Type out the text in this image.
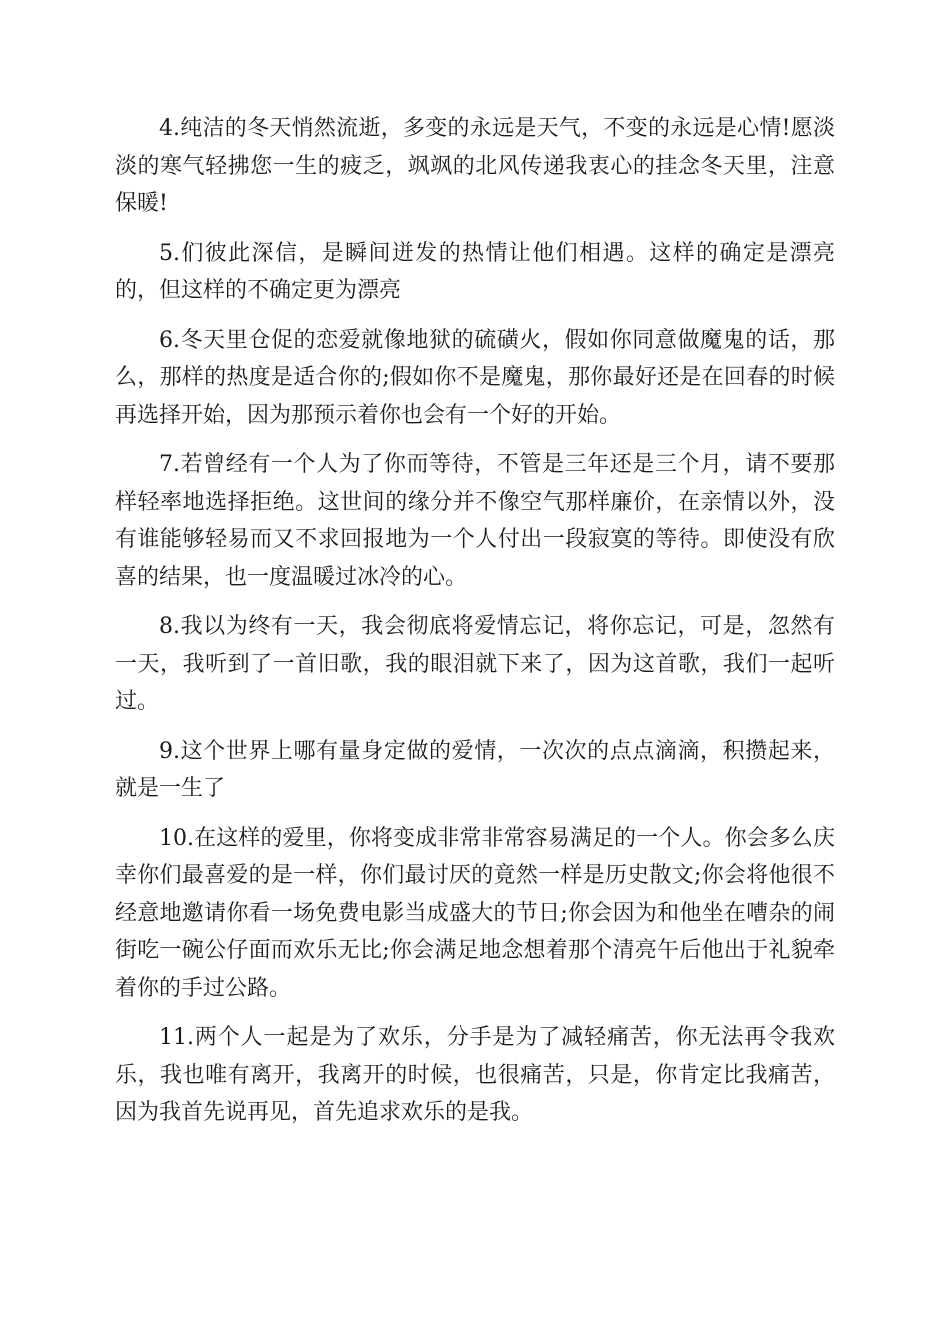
4.纯洁的冬天悄然流逝，多变的永远是天气，不变的永远是心情!愿淡淡的寒气轻拂您一生的疲乏，飒飒的北风传递我衷心的挂念冬天里，注意保暖!

5.们彼此深信，是瞬间迸发的热情让他们相遇。这样的确定是漂亮的，但这样的不确定更为漂亮

6.冬天里仓促的恋爱就像地狱的硫磺火，假如你同意做魔鬼的话，那么，那样的热度是适合你的;假如你不是魔鬼，那你最好还是在回春的时候再选择开始，因为那预示着你也会有一个好的开始。

7.若曾经有一个人为了你而等待，不管是三年还是三个月，请不要那样轻率地选择拒绝。这世间的缘分并不像空气那样廉价，在亲情以外，没有谁能够轻易而又不求回报地为一个人付出一段寂寞的等待。即使没有欣喜的结果，也一度温暖过冰冷的心。

8.我以为终有一天，我会彻底将爱情忘记，将你忘记，可是，忽然有一天，我听到了一首旧歌，我的眼泪就下来了，因为这首歌，我们一起听过。

9.这个世界上哪有量身定做的爱情，一次次的点点滴滴，积攒起来，就是一生了

10.在这样的爱里，你将变成非常非常容易满足的一个人。你会多么庆幸你们最喜爱的是一样，你们最讨厌的竟然一样是历史散文;你会将他很不经意地邀请你看一场免费电影当成盛大的节日;你会因为和他坐在嘈杂的闹街吃一碗公仔面而欢乐无比;你会满足地念想着那个清亮午后他出于礼貌牵着你的手过公路。

11.两个人一起是为了欢乐，分手是为了减轻痛苦，你无法再令我欢乐，我也唯有离开，我离开的时候，也很痛苦，只是，你肯定比我痛苦，因为我首先说再见，首先追求欢乐的是我。
